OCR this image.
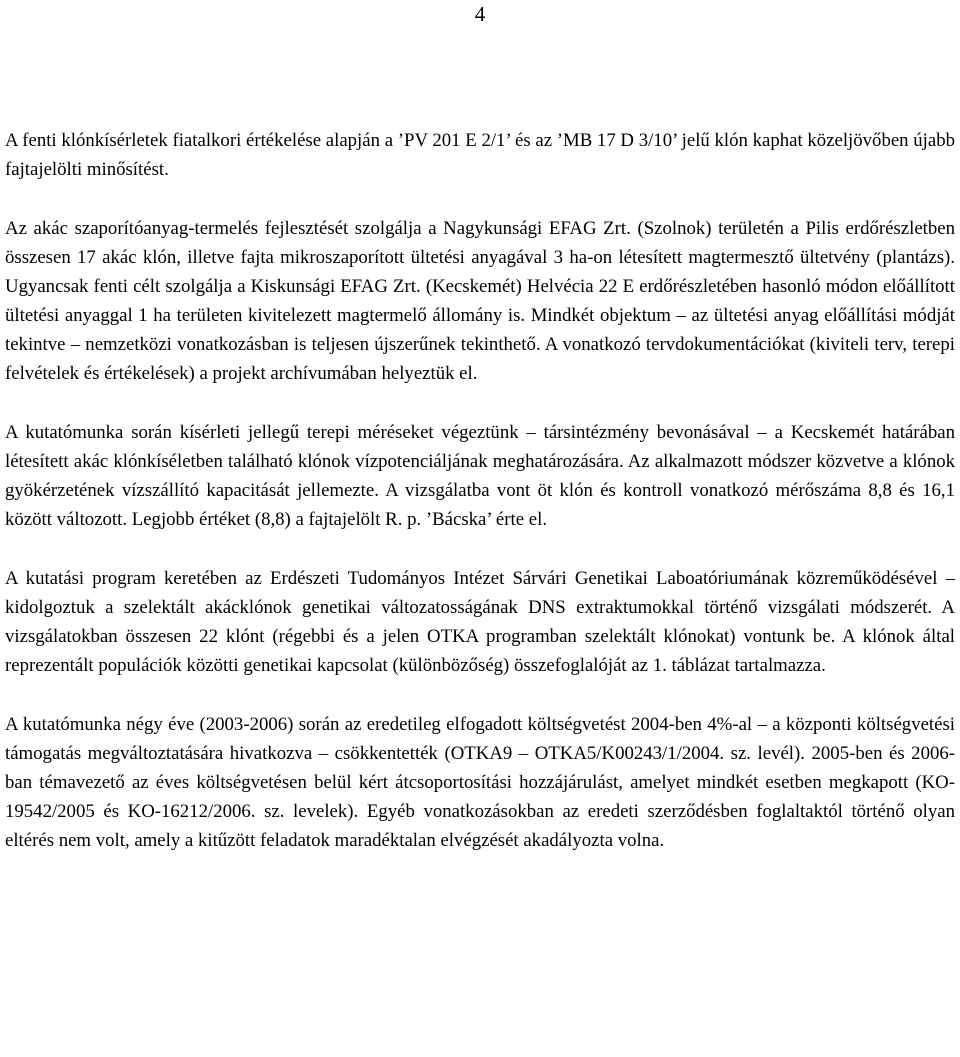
4

A fenti klónkísérletek fiatalkori értékelése alapján a ’PV 201 E 2/1’ és az ’MB 17 D 3/10’ jelű klón kaphat közeljövőben újabb fajtajelölti minősítést.

Az akác szaporítóanyag-termelés fejlesztését szolgálja a Nagykunsági EFAG Zrt. (Szolnok) területén a Pilis erdőrészletben összesen 17 akác klón, illetve fajta mikroszaporított ültetési anyagával 3 ha-on létesített magtermesztő ültetvény (plantázs). Ugyancsak fenti célt szolgálja a Kiskunsági EFAG Zrt. (Kecskemét) Helvécia 22 E erdőrészletében hasonló módon előállított ültetési anyaggal 1 ha területen kivitelezett magtermelő állomány is. Mindkét objektum – az ültetési anyag előállítási módját tekintve – nemzetközi vonatkozásban is teljesen újszerűnek tekinthető. A vonatkozó tervdokumentációkat (kiviteli terv, terepi felvételek és értékelések) a projekt archívumában helyeztük el.

A kutatómunka során kísérleti jellegű terepi méréseket végeztünk – társintézmény bevonásával – a Kecskemét határában létesített akác klónkíséletben található klónok vízpotenciáljának meghatározására. Az alkalmazott módszer közvetve a klónok gyökérzetének vízszállító kapacitását jellemezte. A vizsgálatba vont öt klón és kontroll vonatkozó mérőszáma 8,8 és 16,1 között változott. Legjobb értéket (8,8) a fajtajelölt R. p. ’Bácska’ érte el.

A kutatási program keretében az Erdészeti Tudományos Intézet Sárvári Genetikai Laboatóriumának közreműködésével – kidolgoztuk a szelektált akácklónok genetikai változatosságának DNS extraktumokkal történő vizsgálati módszerét. A vizsgálatokban összesen 22 klónt (régebbi és a jelen OTKA programban szelektált klónokat) vontunk be. A klónok által reprezentált populációk közötti genetikai kapcsolat (különbözőség) összefoglalóját az 1. táblázat tartalmazza.

A kutatómunka négy éve (2003-2006) során az eredetileg elfogadott költségvetést 2004-ben 4%-al – a központi költségvetési támogatás megváltoztatására hivatkozva – csökkentették (OTKA9 – OTKA5/K00243/1/2004. sz. levél). 2005-ben és 2006-ban témavezető az éves költségvetésen belül kért átcsoportosítási hozzájárulást, amelyet mindkét esetben megkapott (KO-19542/2005 és KO-16212/2006. sz. levelek). Egyéb vonatkozásokban az eredeti szerződésben foglaltaktól történő olyan eltérés nem volt, amely a kitűzött feladatok maradéktalan elvégzését akadályozta volna.
